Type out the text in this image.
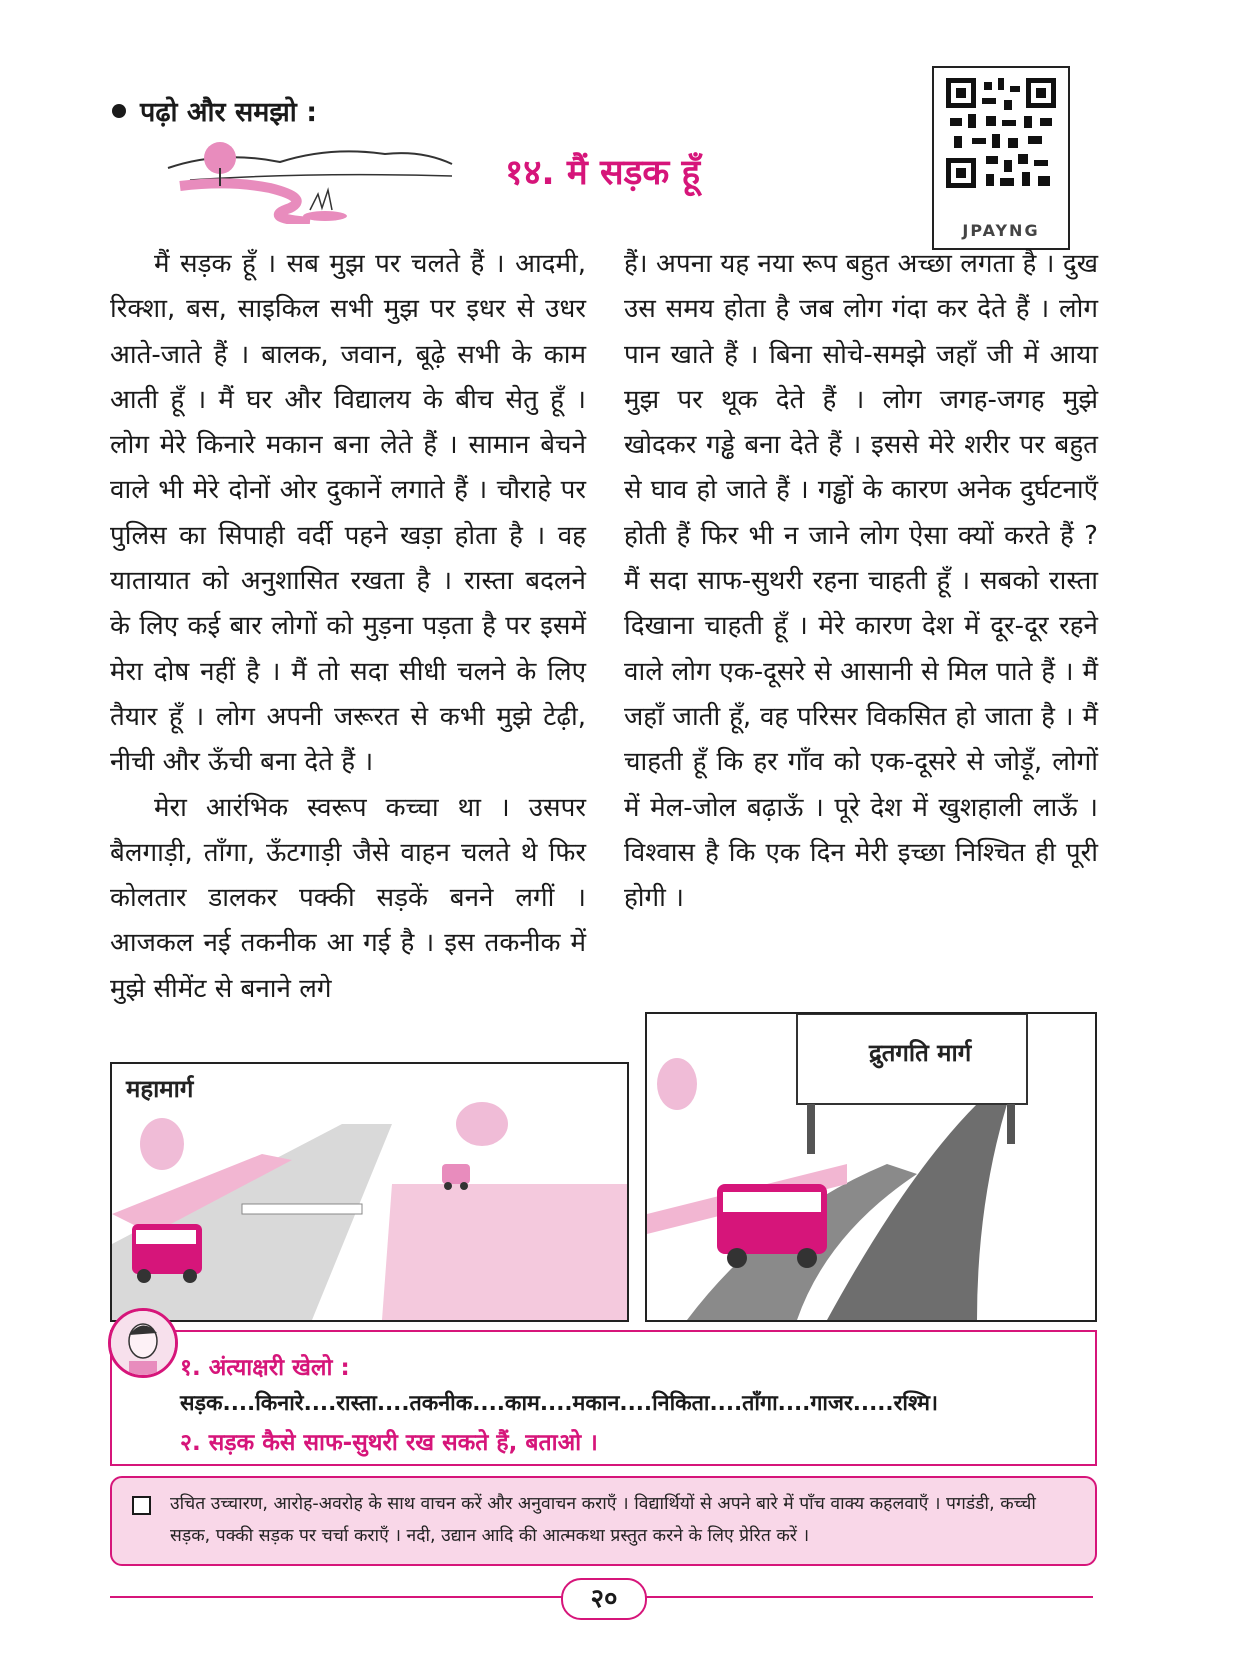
पढ़ो और समझो :
१४. मैं सड़क हूँ
JPAYNG

मैं सड़क हूँ । सब मुझ पर चलते हैं । आदमी, रिक्शा, बस, साइकिल सभी मुझ पर इधर से उधर आते-जाते हैं । बालक, जवान, बूढ़े सभी के काम आती हूँ । मैं घर और विद्यालय के बीच सेतु हूँ । लोग मेरे किनारे मकान बना लेते हैं । सामान बेचने वाले भी मेरे दोनों ओर दुकानें लगाते हैं । चौराहे पर पुलिस का सिपाही वर्दी पहने खड़ा होता है । वह यातायात को अनुशासित रखता है । रास्ता बदलने के लिए कई बार लोगों को मुड़ना पड़ता है पर इसमें मेरा दोष नहीं है । मैं तो सदा सीधी चलने के लिए तैयार हूँ । लोग अपनी जरूरत से कभी मुझे टेढ़ी, नीची और ऊँची बना देते हैं ।

मेरा आरंभिक स्वरूप कच्चा था । उसपर बैलगाड़ी, ताँगा, ऊँटगाड़ी जैसे वाहन चलते थे फिर कोलतार डालकर पक्की सड़कें बनने लगीं । आजकल नई तकनीक आ गई है । इस तकनीक में मुझे सीमेंट से बनाने लगे

हैं। अपना यह नया रूप बहुत अच्छा लगता है । दुख उस समय होता है जब लोग गंदा कर देते हैं । लोग पान खाते हैं । बिना सोचे-समझे जहाँ जी में आया मुझ पर थूक देते हैं । लोग जगह-जगह मुझे खोदकर गड्ढे बना देते हैं । इससे मेरे शरीर पर बहुत से घाव हो जाते हैं । गड्ढों के कारण अनेक दुर्घटनाएँ होती हैं फिर भी न जाने लोग ऐसा क्यों करते हैं ? मैं सदा साफ-सुथरी रहना चाहती हूँ । सबको रास्ता दिखाना चाहती हूँ । मेरे कारण देश में दूर-दूर रहने वाले लोग एक-दूसरे से आसानी से मिल पाते हैं । मैं जहाँ जाती हूँ, वह परिसर विकसित हो जाता है । मैं चाहती हूँ कि हर गाँव को एक-दूसरे से जोड़ूँ, लोगों में मेल-जोल बढ़ाऊँ । पूरे देश में खुशहाली लाऊँ । विश्वास है कि एक दिन मेरी इच्छा निश्चित ही पूरी होगी ।

महामार्ग
द्रुतगति मार्ग
१. अंत्याक्षरी खेलो :
सड़क....किनारे....रास्ता....तकनीक....काम....मकान....निकिता....ताँगा....गाजर.....रश्मि।
२. सड़क कैसे साफ-सुथरी रख सकते हैं, बताओ ।
उचित उच्चारण, आरोह-अवरोह के साथ वाचन करें और अनुवाचन कराएँ । विद्यार्थियों से अपने बारे में पाँच वाक्य कहलवाएँ । पगडंडी, कच्ची सड़क, पक्की सड़क पर चर्चा कराएँ । नदी, उद्यान आदि की आत्मकथा प्रस्तुत करने के लिए प्रेरित करें ।
२०
